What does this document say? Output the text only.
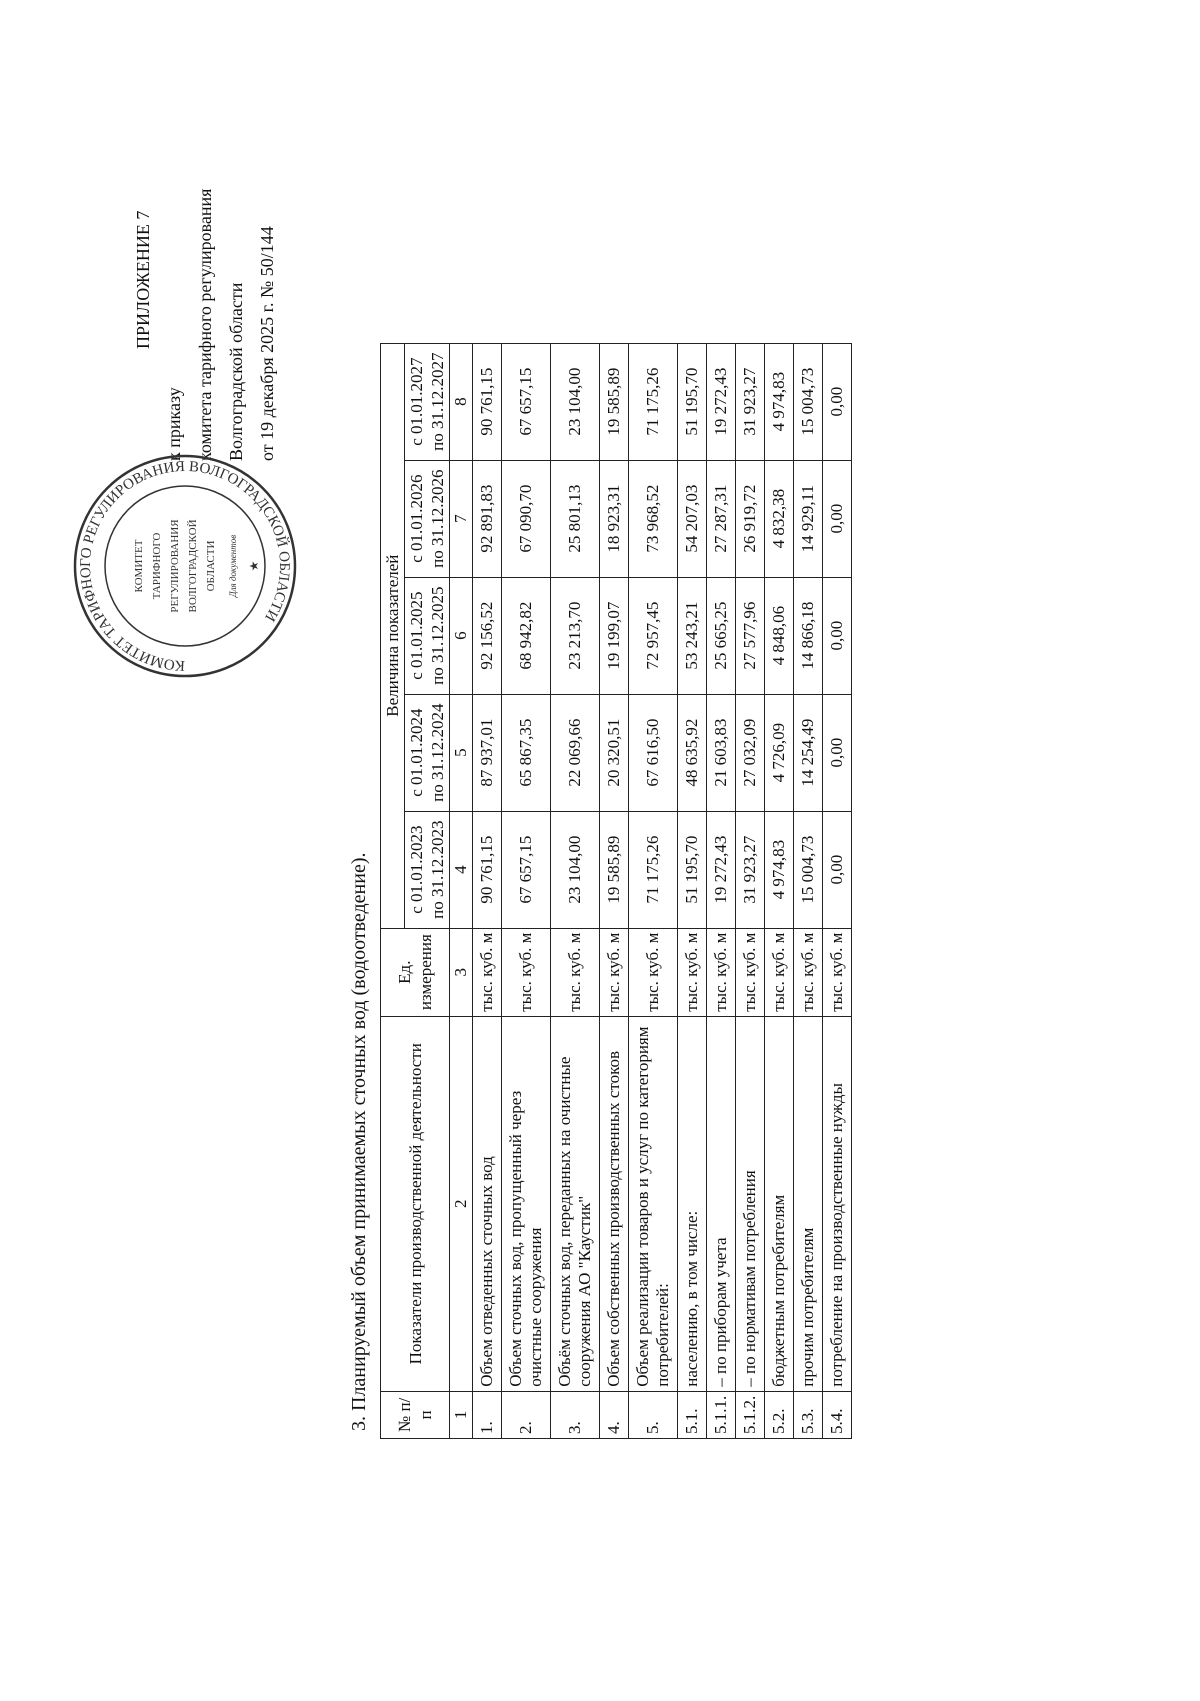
ПРИЛОЖЕНИЕ 7
к приказу комитета тарифного регулирования Волгоградской области от 19 декабря 2025 г. № 50/144
КОМИТЕТ ТАРИФНОГО РЕГУЛИРОВАНИЯ ВОЛГОГРАДСКОЙ ОБЛАСТИ
КОМИТЕТ ТАРИФНОГО РЕГУЛИРОВАНИЯ ВОЛГОГРАДСКОЙ ОБЛАСТИ Для документов ★
3. Планируемый объем принимаемых сточных вод (водоотведение). № п/п	Показатели производственной деятельности	Ед. измерения	Величина показателей				
			с 01.01.2023 по 31.12.2023	с 01.01.2024 по 31.12.2024	с 01.01.2025 по 31.12.2025	с 01.01.2026 по 31.12.2026	с 01.01.2027 по 31.12.2027
1	2	3	4	5	6	7	8
1.	Объем отведенных сточных вод	тыс. куб. м	90 761,15	87 937,01	92 156,52	92 891,83	90 761,15
2.	Объем сточных вод, пропущенный через очистные сооружения	тыс. куб. м	67 657,15	65 867,35	68 942,82	67 090,70	67 657,15
3.	Объём сточных вод, переданных на очистные сооружения АО "Каустик"	тыс. куб. м	23 104,00	22 069,66	23 213,70	25 801,13	23 104,00
4.	Объем собственных производственных стоков	тыс. куб. м	19 585,89	20 320,51	19 199,07	18 923,31	19 585,89
5.	Объем реализации товаров и услуг по категориям потребителей:	тыс. куб. м	71 175,26	67 616,50	72 957,45	73 968,52	71 175,26
5.1.	населению, в том числе:	тыс. куб. м	51 195,70	48 635,92	53 243,21	54 207,03	51 195,70
5.1.1.	– по приборам учета	тыс. куб. м	19 272,43	21 603,83	25 665,25	27 287,31	19 272,43
5.1.2.	– по нормативам потребления	тыс. куб. м	31 923,27	27 032,09	27 577,96	26 919,72	31 923,27
5.2.	бюджетным потребителям	тыс. куб. м	4 974,83	4 726,09	4 848,06	4 832,38	4 974,83
5.3.	прочим потребителям	тыс. куб. м	15 004,73	14 254,49	14 866,18	14 929,11	15 004,73
5.4.	потребление на производственные нужды	тыс. куб. м	0,00	0,00	0,00	0,00	0,00
